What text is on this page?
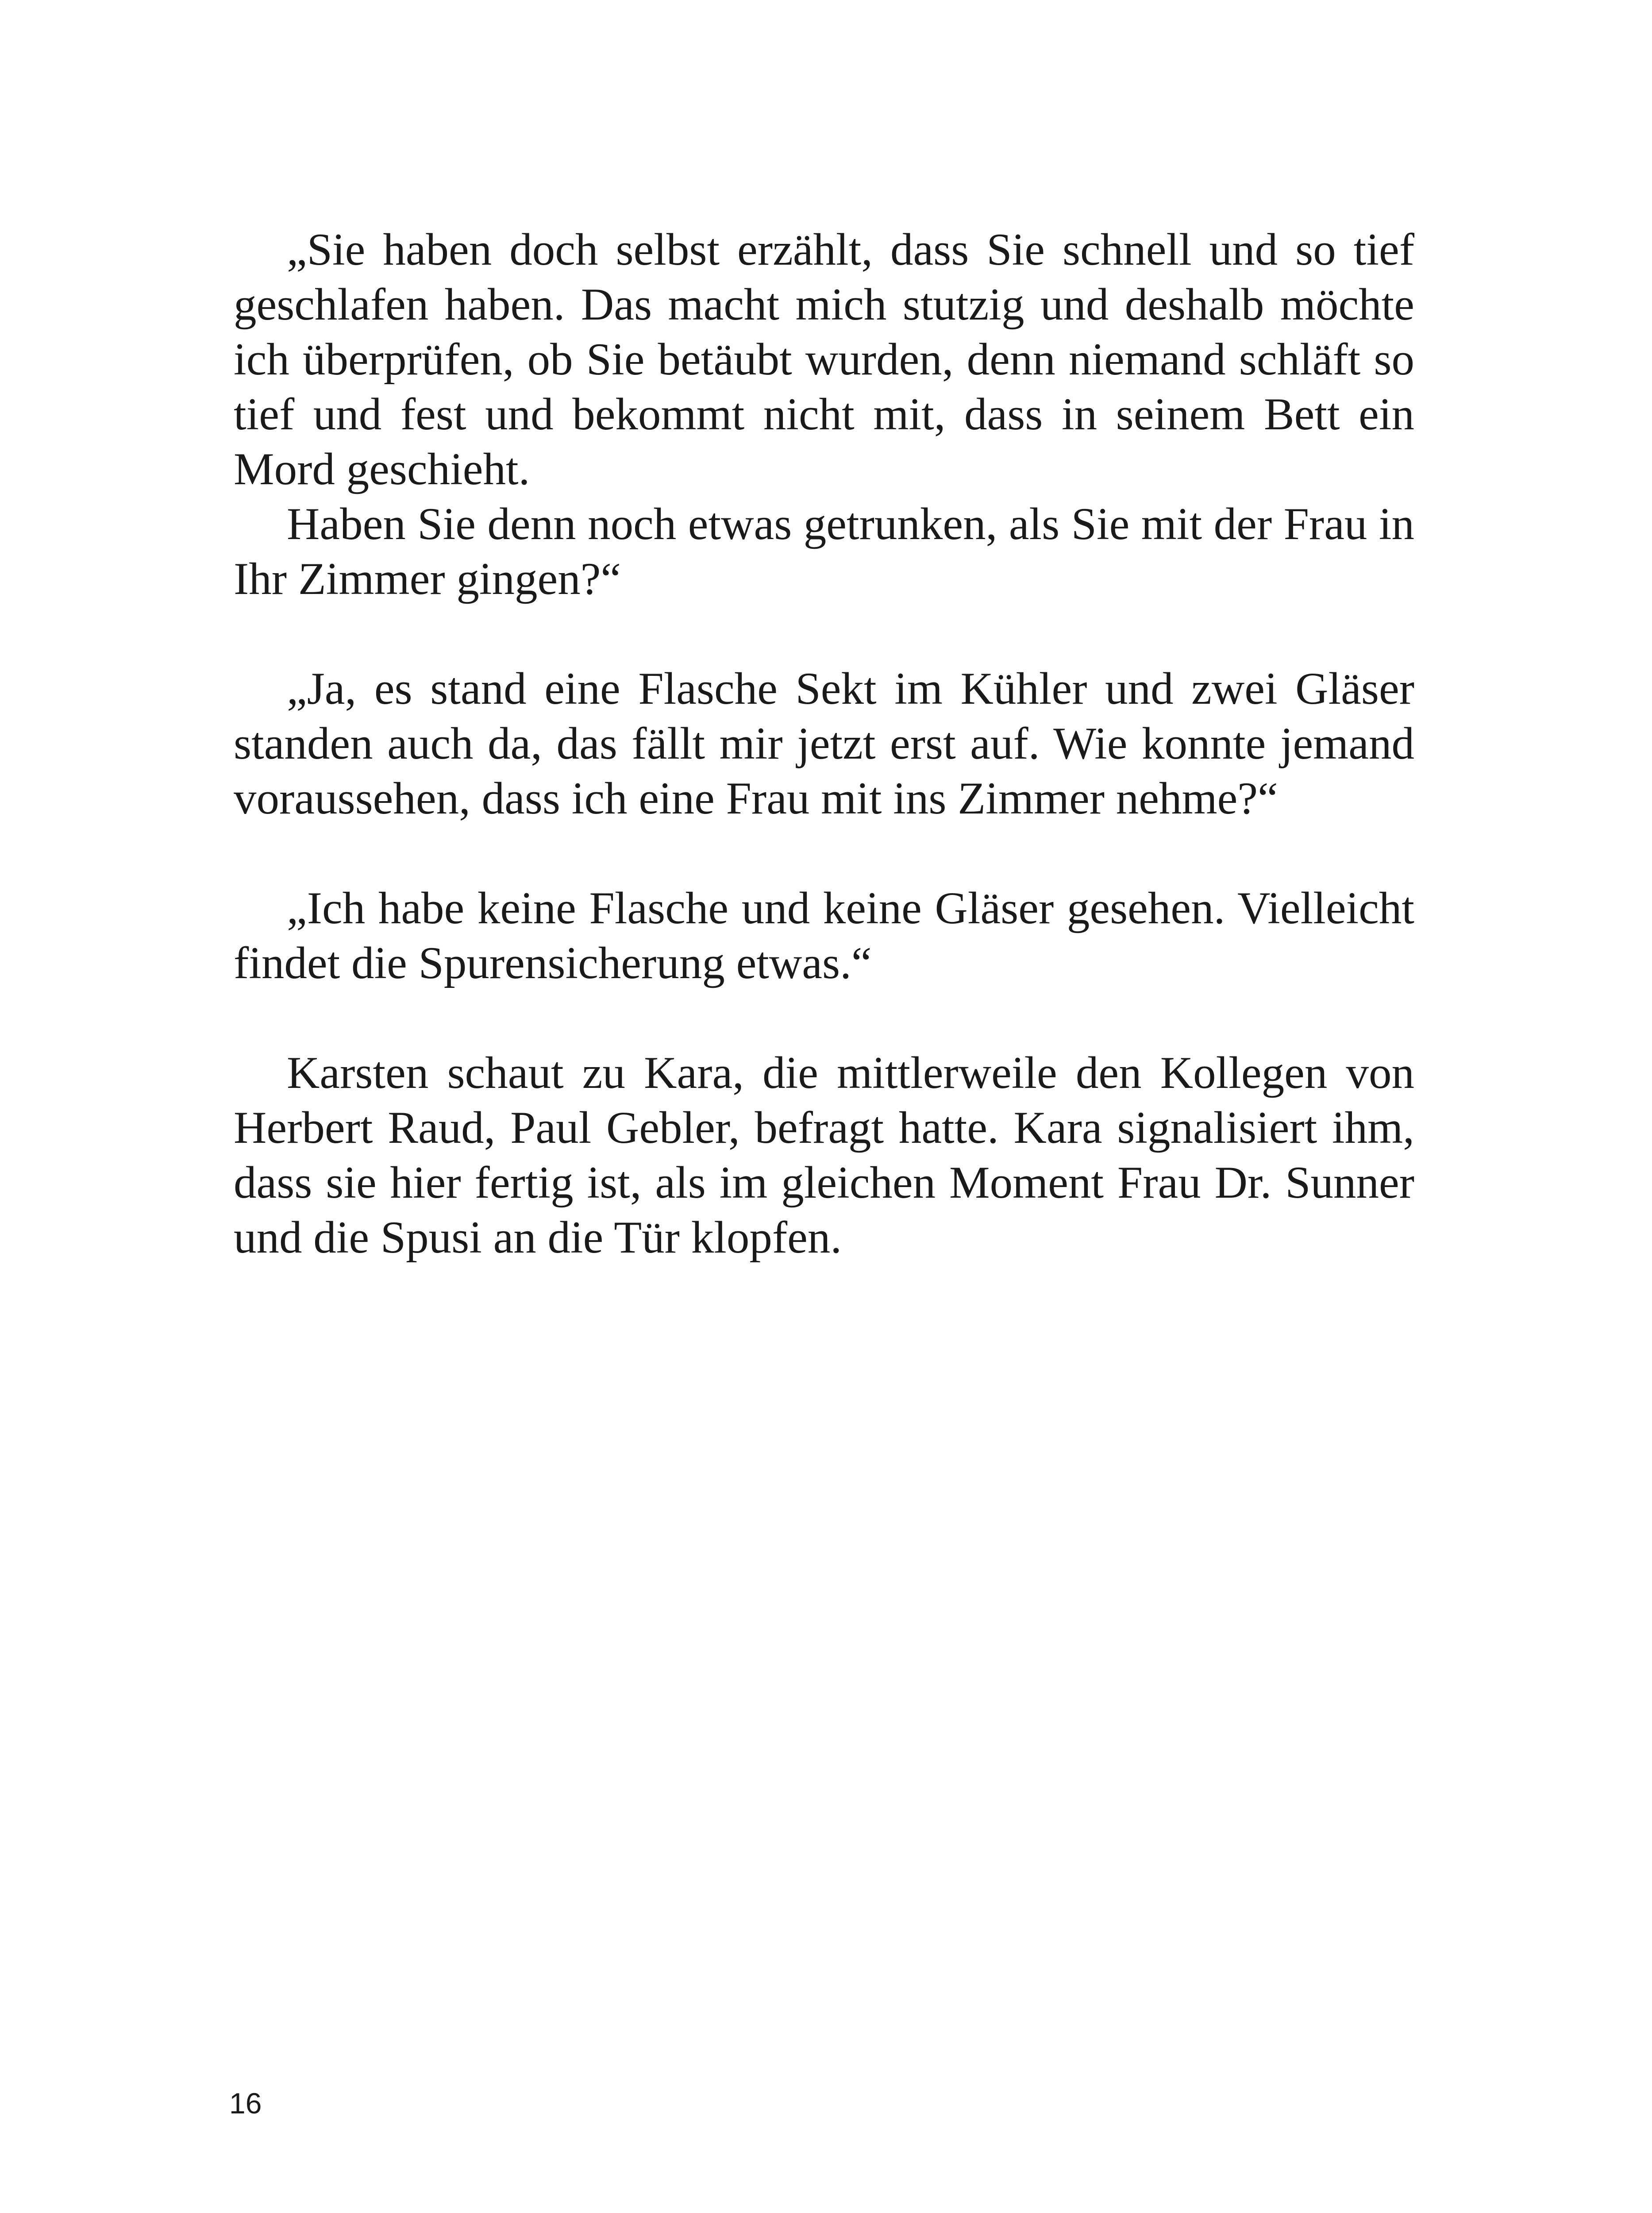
„Sie haben doch selbst erzählt, dass Sie schnell und so tief geschlafen haben. Das macht mich stutzig und deshalb möchte ich überprüfen, ob Sie betäubt wurden, denn niemand schläft so tief und fest und bekommt nicht mit, dass in seinem Bett ein Mord geschieht.

Haben Sie denn noch etwas getrunken, als Sie mit der Frau in Ihr Zimmer gingen?“

„Ja, es stand eine Flasche Sekt im Kühler und zwei Gläser standen auch da, das fällt mir jetzt erst auf. Wie konnte jemand voraussehen, dass ich eine Frau mit ins Zimmer nehme?“

„Ich habe keine Flasche und keine Gläser gesehen. Vielleicht findet die Spurensicherung etwas.“

Karsten schaut zu Kara, die mittlerweile den Kollegen von Herbert Raud, Paul Gebler, befragt hatte. Kara signalisiert ihm, dass sie hier fertig ist, als im gleichen Moment Frau Dr. Sunner und die Spusi an die Tür klopfen.

16
